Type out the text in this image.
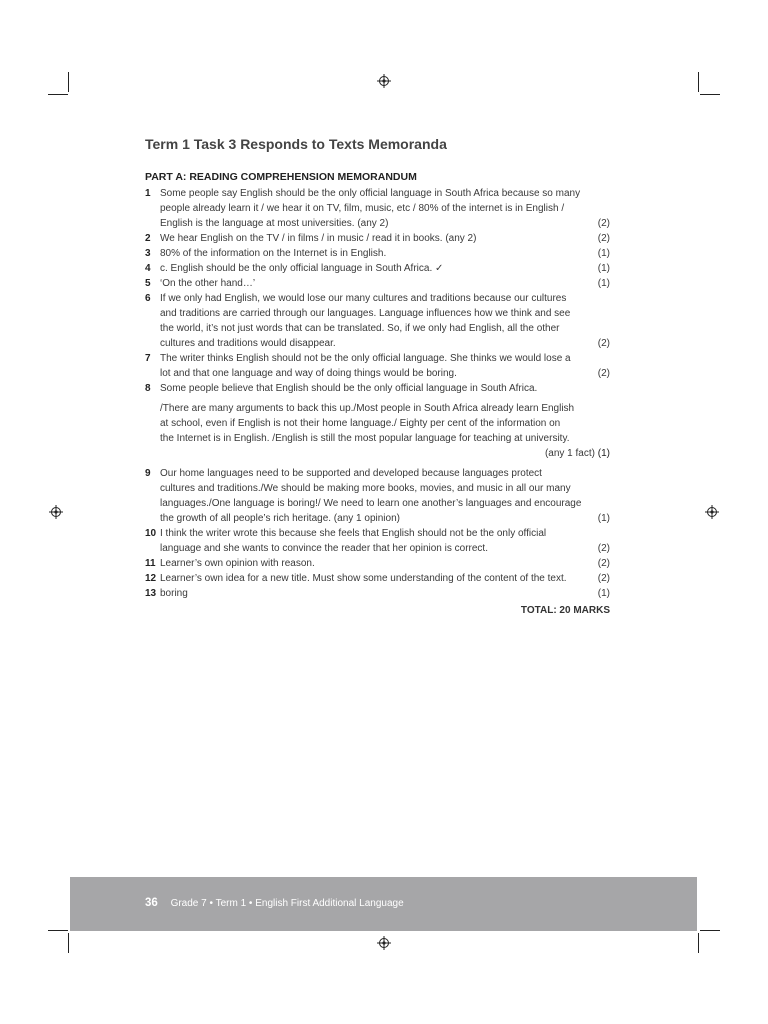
Term 1 Task 3 Responds to Texts Memoranda
PART A: READING COMPREHENSION MEMORANDUM
1 Some people say English should be the only official language in South Africa because so many
people already learn it / we hear it on TV, film, music, etc / 80% of the internet is in English /
English is the language at most universities. (any 2)	(2)
2 We hear English on the TV / in films / in music / read it in books. (any 2)	(2)
3 80% of the information on the Internet is in English.	(1)
4 c. English should be the only official language in South Africa. ✓	(1)
5 ‘On the other hand…’	(1)
6 If we only had English, we would lose our many cultures and traditions because our cultures
and traditions are carried through our languages. Language influences how we think and see
the world, it’s not just words that can be translated. So, if we only had English, all the other
cultures and traditions would disappear.	(2)
7 The writer thinks English should not be the only official language. She thinks we would lose a
lot and that one language and way of doing things would be boring.	(2)
8 Some people believe that English should be the only official language in South Africa.
/There are many arguments to back this up./Most people in South Africa already learn English
at school, even if English is not their home language./ Eighty per cent of the information on
the Internet is in English. /English is still the most popular language for teaching at university.
(any 1 fact) (1)
9 Our home languages need to be supported and developed because languages protect
cultures and traditions./We should be making more books, movies, and music in all our many
languages./One language is boring!/ We need to learn one another’s languages and encourage
the growth of all people’s rich heritage. (any 1 opinion)	(1)
10 I think the writer wrote this because she feels that English should not be the only official
language and she wants to convince the reader that her opinion is correct.	(2)
11 Learner’s own opinion with reason.	(2)
12 Learner’s own idea for a new title. Must show some understanding of the content of the text.	(2)
13 boring	(1)
TOTAL: 20 MARKS
36 Grade 7 • Term 1 • English First Additional Language
